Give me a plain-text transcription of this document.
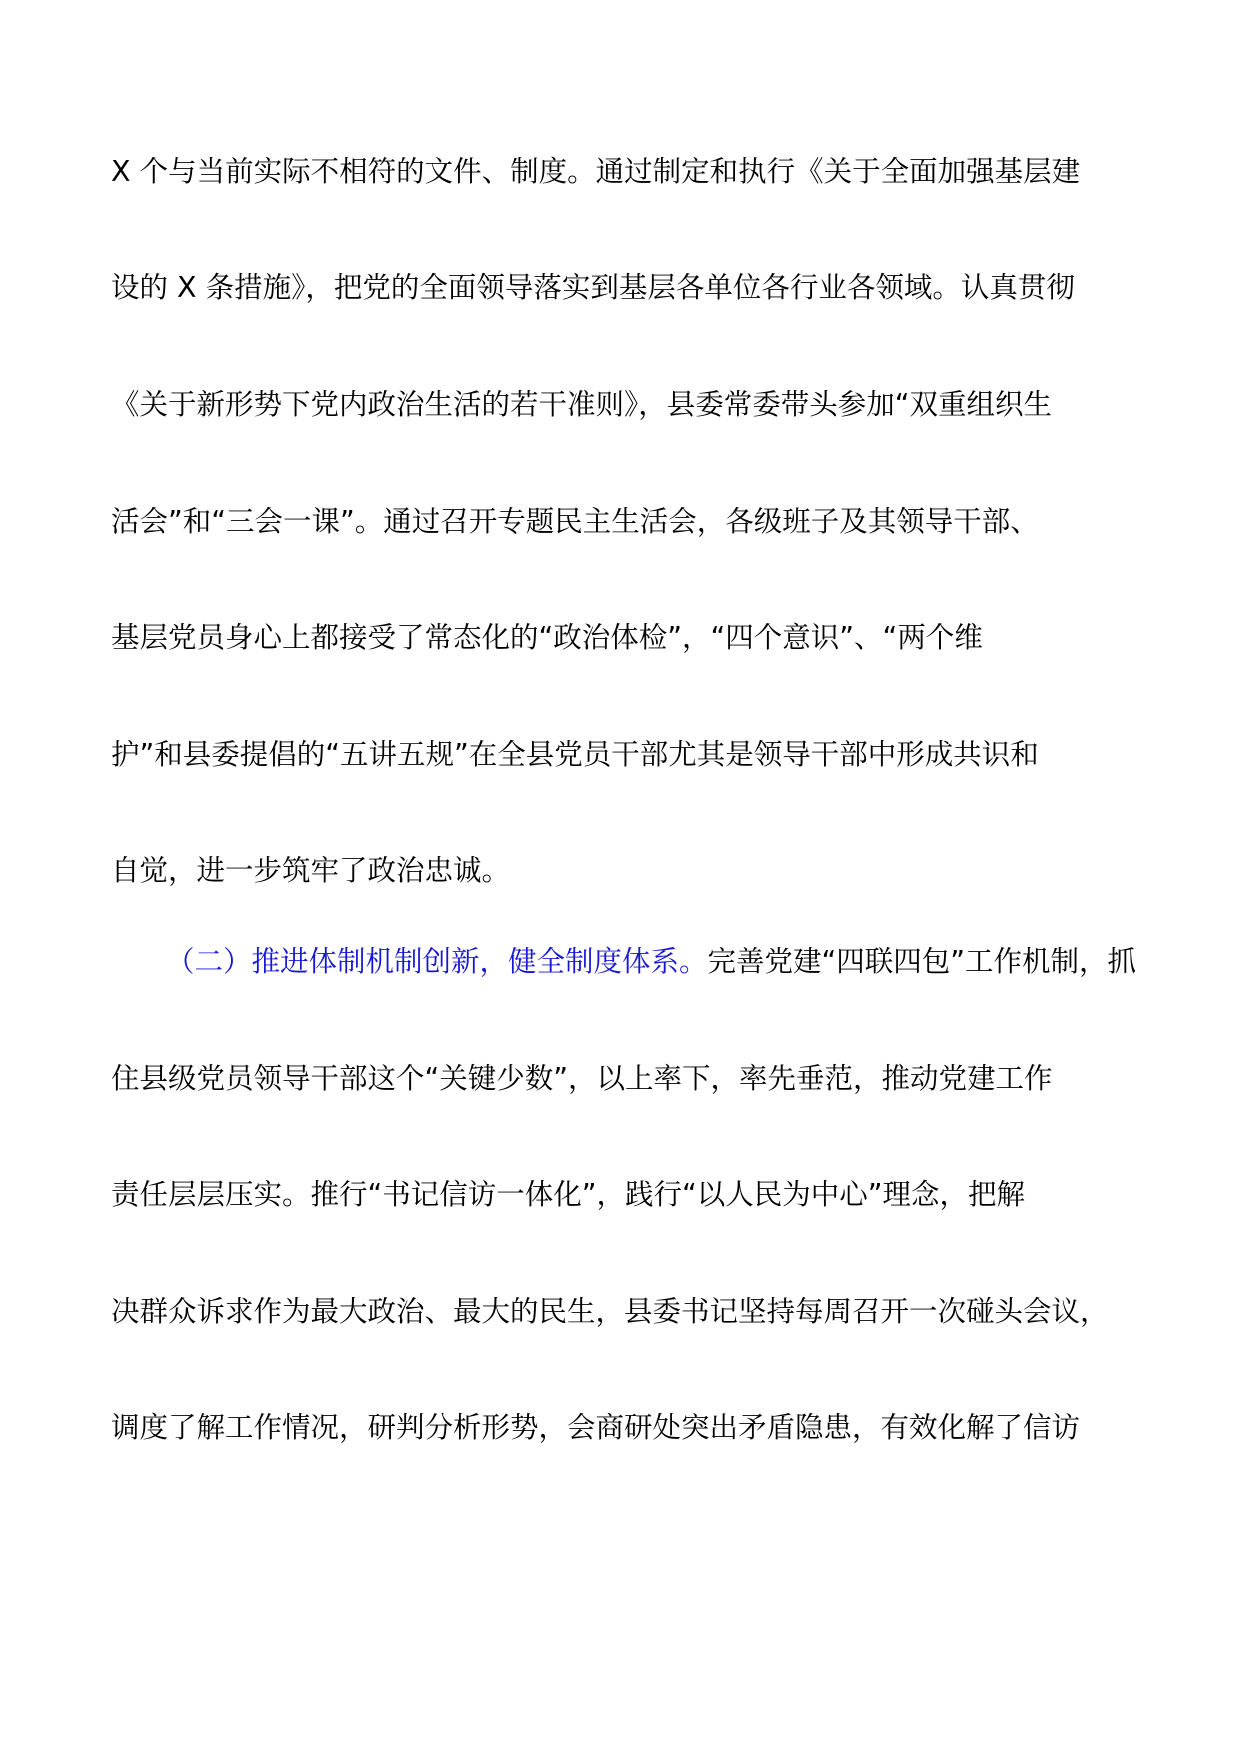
X 个与当前实际不相符的文件、制度。通过制定和执行《关于全面加强基层建
设的 X 条措施》，把党的全面领导落实到基层各单位各行业各领域。认真贯彻
《关于新形势下党内政治生活的若干准则》，县委常委带头参加“双重组织生
活会”和“三会一课”。通过召开专题民主生活会，各级班子及其领导干部、
基层党员身心上都接受了常态化的“政治体检”，“四个意识”、“两个维
护”和县委提倡的“五讲五规”在全县党员干部尤其是领导干部中形成共识和
自觉，进一步筑牢了政治忠诚。
（二）推进体制机制创新，健全制度体系。完善党建“四联四包”工作机制，抓
住县级党员领导干部这个“关键少数”，以上率下，率先垂范，推动党建工作
责任层层压实。推行“书记信访一体化”，践行“以人民为中心”理念，把解
决群众诉求作为最大政治、最大的民生，县委书记坚持每周召开一次碰头会议，
调度了解工作情况，研判分析形势，会商研处突出矛盾隐患，有效化解了信访
